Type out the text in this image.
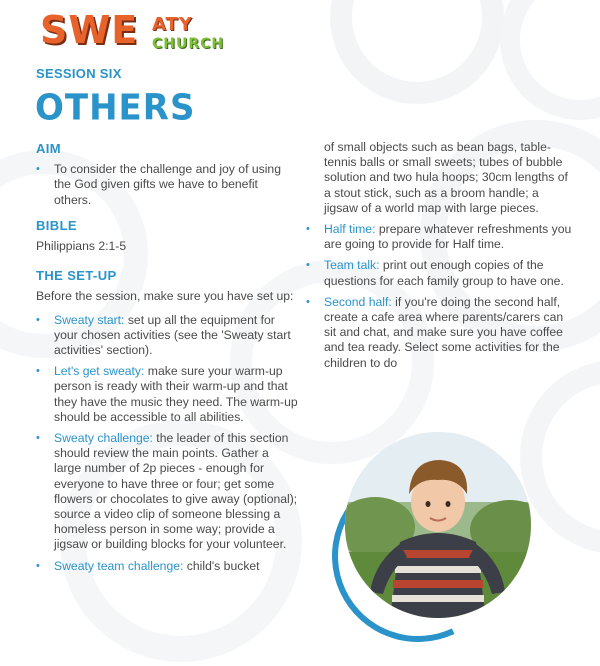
SWE ATY
CHURCH
SESSION SIX
OTHERS
AIM
• To consider the challenge and joy of using the God given gifts we have to benefit others.
BIBLE

Philippians 2:1-5

THE SET-UP

Before the session, make sure you have set up:

• Sweaty start: set up all the equipment for your chosen activities (see the 'Sweaty start activities' section).
• Let's get sweaty: make sure your warm-up person is ready with their warm-up and that they have the music they need. The warm-up should be accessible to all abilities.
• Sweaty challenge: the leader of this section should review the main points. Gather a large number of 2p pieces - enough for everyone to have three or four; get some flowers or chocolates to give away (optional); source a video clip of someone blessing a homeless person in some way; provide a jigsaw or building blocks for your volunteer.
• Sweaty team challenge: child's bucket

of small objects such as bean bags, table-tennis balls or small sweets; tubes of bubble solution and two hula hoops; 30cm lengths of a stout stick, such as a broom handle; a jigsaw of a world map with large pieces.

• Half time: prepare whatever refreshments you are going to provide for Half time.
• Team talk: print out enough copies of the questions for each family group to have one.
• Second half: if you're doing the second half, create a cafe area where parents/carers can sit and chat, and make sure you have coffee and tea ready. Select some activities for the children to do
